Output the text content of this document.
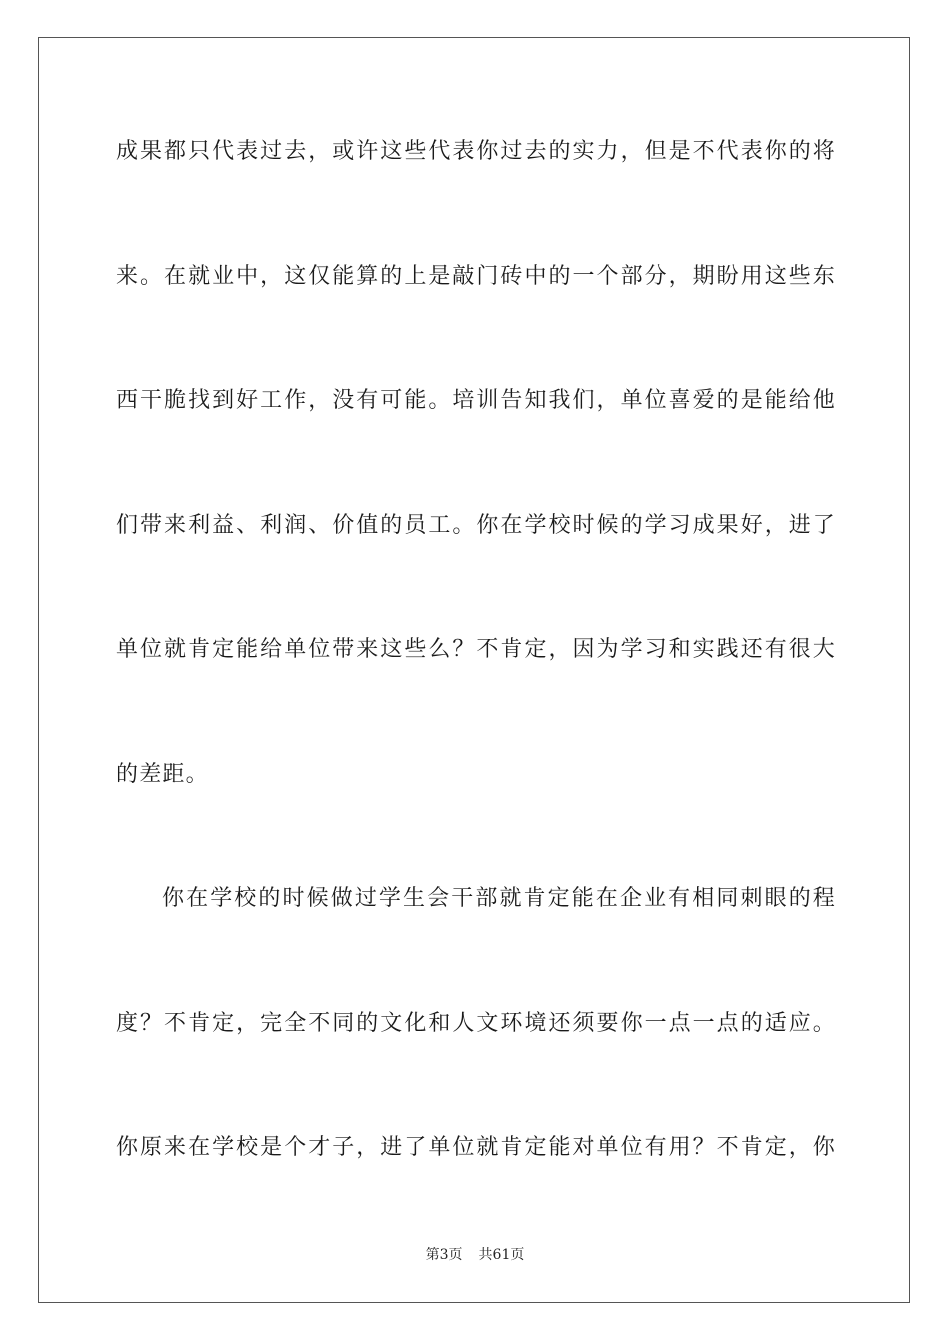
成果都只代表过去，或许这些代表你过去的实力，但是不代表你的将
来。在就业中，这仅能算的上是敲门砖中的一个部分，期盼用这些东
西干脆找到好工作，没有可能。培训告知我们，单位喜爱的是能给他
们带来利益、利润、价值的员工。你在学校时候的学习成果好，进了
单位就肯定能给单位带来这些么？不肯定，因为学习和实践还有很大
的差距。
你在学校的时候做过学生会干部就肯定能在企业有相同刺眼的程
度？不肯定，完全不同的文化和人文环境还须要你一点一点的适应。
你原来在学校是个才子，进了单位就肯定能对单位有用？不肯定，你
第3页 共61页
